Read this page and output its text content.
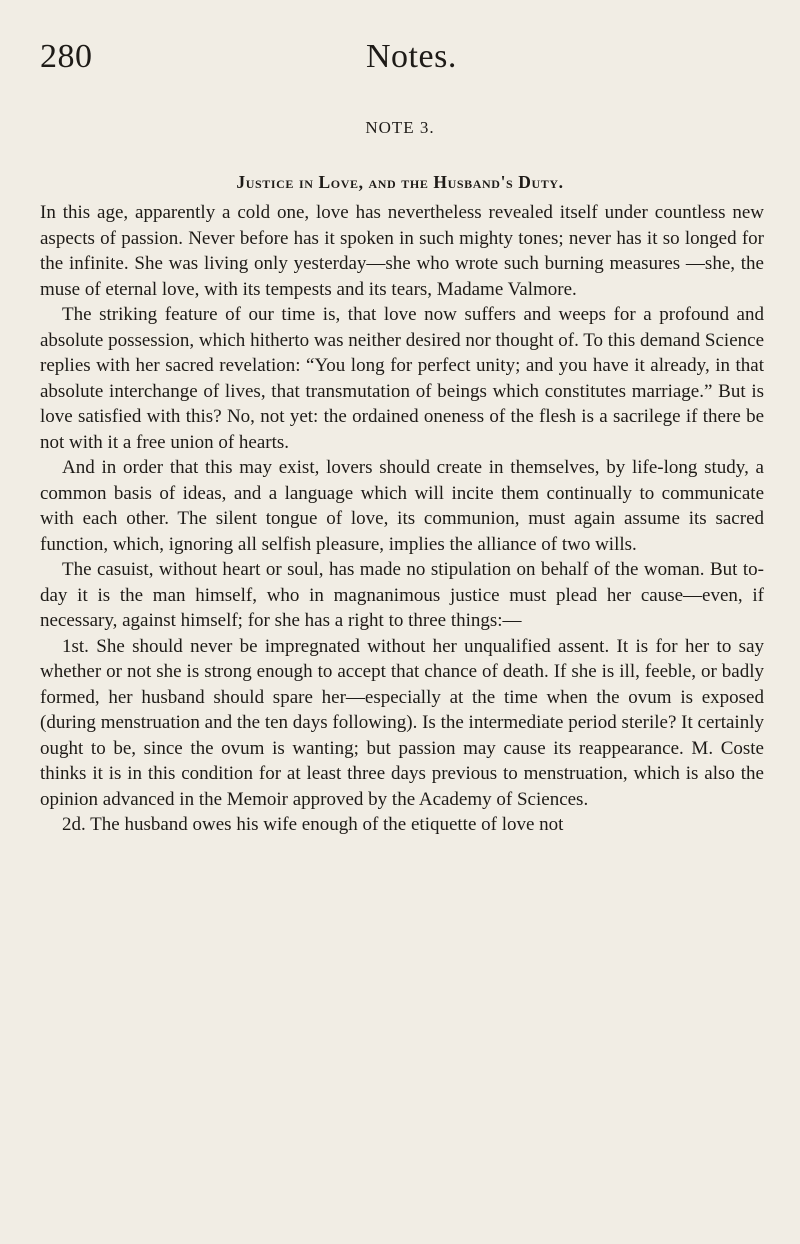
280	Notes.
NOTE 3.
Justice in Love, and the Husband's Duty.

In this age, apparently a cold one, love has nevertheless revealed itself under countless new aspects of passion. Never before has it spoken in such mighty tones; never has it so longed for the infinite. She was living only yesterday—she who wrote such burning measures —she, the muse of eternal love, with its tempests and its tears, Madame Valmore.

The striking feature of our time is, that love now suffers and weeps for a profound and absolute possession, which hitherto was neither desired nor thought of. To this demand Science replies with her sacred revelation: “You long for perfect unity; and you have it already, in that absolute interchange of lives, that transmutation of beings which constitutes marriage.” But is love satisfied with this? No, not yet: the ordained oneness of the flesh is a sacrilege if there be not with it a free union of hearts.

And in order that this may exist, lovers should create in themselves, by life-long study, a common basis of ideas, and a language which will incite them continually to communicate with each other. The silent tongue of love, its communion, must again assume its sacred function, which, ignoring all selfish pleasure, implies the alliance of two wills.

The casuist, without heart or soul, has made no stipulation on behalf of the woman. But to-day it is the man himself, who in magnanimous justice must plead her cause—even, if necessary, against himself; for she has a right to three things:—

1st. She should never be impregnated without her unqualified assent. It is for her to say whether or not she is strong enough to accept that chance of death. If she is ill, feeble, or badly formed, her husband should spare her—especially at the time when the ovum is exposed (during menstruation and the ten days following). Is the intermediate period sterile? It certainly ought to be, since the ovum is wanting; but passion may cause its reappearance. M. Coste thinks it is in this condition for at least three days previous to menstruation, which is also the opinion advanced in the Memoir approved by the Academy of Sciences.

2d. The husband owes his wife enough of the etiquette of love not
